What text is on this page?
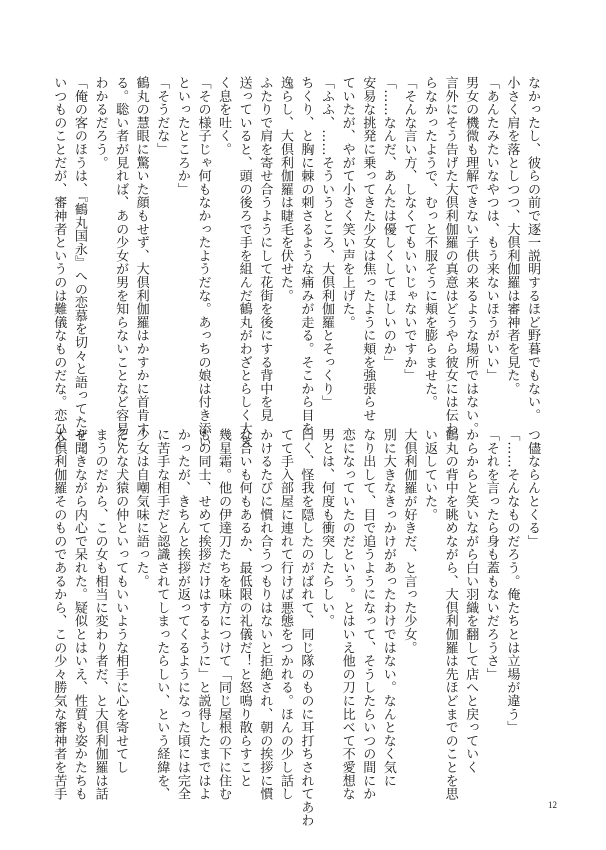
なかったし、彼らの前で逐一説明するほど野暮でもない。
小さく肩を落としつつ、大倶利伽羅は審神者を見た。
「あんたみたいなやつは、もう来ないほうがいい」
男女の機微も理解できない子供の来るような場所ではない。
言外にそう告げた大倶利伽羅の真意はどうやら彼女には伝わ
らなかったようで、むっと不服そうに頬を膨らませた。
「そんな言い方、しなくてもいいじゃないですか」
「……なんだ、あんたは優しくしてほしいのか」
安易な挑発に乗ってきた少女は焦ったように頬を強張らせ
ていたが、やがて小さく笑い声を上げた。
「ふふ、……そういうところ、大倶利伽羅とそっくり」
ちくり、と胸に棘の刺さるような痛みが走る。そこから目を
逸らし、大倶利伽羅は睫毛を伏せた。
ふたりで肩を寄せ合うようにして花街を後にする背中を見
送っていると、頭の後ろで手を組んだ鶴丸がわざとらしく大き
く息を吐く。
「その様子じゃ何もなかったようだな。あっちの娘は付き添い
といったところか」
「そうだな」
鶴丸の慧眼に驚いた顔もせず、大倶利伽羅はかすかに首肯す
る。聡い者が見れば、あの少女が男を知らないことなど容易に
わかるだろう。
「俺の客のほうは、『鶴丸国永』への恋慕を切々と語ってたぜ。
いつものことだが、審神者というのは難儀なものだな。恋ひと
つ儘ならんとくる」
「……そんなものだろう。俺たちとは立場が違う」
「それを言ったら身も蓋もないだろうさ」
からからと笑いながら白い羽織を翻して店へと戻っていく
鶴丸の背中を眺めながら、大倶利伽羅は先ほどまでのことを思
い返していた。
大倶利伽羅が好きだ、と言った少女。
別に大きなきっかけがあったわけではない。なんとなく気に
なり出して、目で追うようになって、そうしたらいつの間にか
恋になっていたのだという。とはいえ他の刀に比べて不愛想な
男とは、何度も衝突したらしい。
曰く、怪我を隠したのがばれて、同じ隊のものに耳打ちされてあわ
てて手入部屋に連れて行けば悪態をつかれる。ほんの少し話し
かけるたびに慣れ合うつもりはないと拒絶され、朝の挨拶に慣
れ合いも何もあるか、最低限の礼儀だ！と怒鳴り散らすこと
幾星霜。他の伊達刀たちを味方につけて「同じ屋根の下に住む
もの同士、せめて挨拶だけはするように」と説得したまではよ
かったが、きちんと挨拶が返ってくるようになった頃には完全
に苦手な相手だと認識されてしまったらしい、という経緯を、
少女は自嘲気味に語った。
そんな犬猿の仲といってもいいような相手に心を寄せてし
まうのだから、この女も相当に変わり者だ、と大倶利伽羅は話
を聞きながら内心で呆れた。疑似とはいえ、性質も姿かたちも
大倶利伽羅そのものであるから、この少々勝気な審神者を苦手
12
